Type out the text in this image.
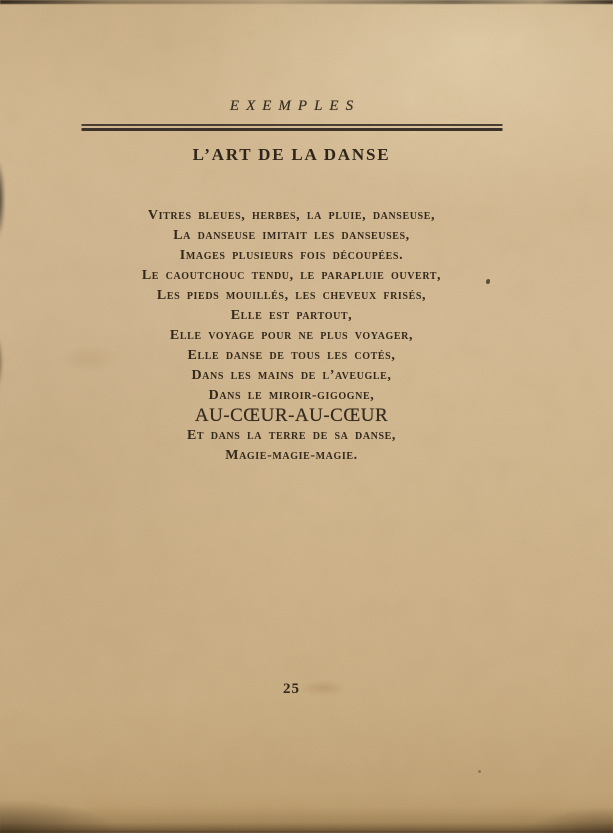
EXEMPLES
L’ART DE LA DANSE
Vitres bleues, herbes, la pluie, danseuse,
La danseuse imitait les danseuses,
Images plusieurs fois découpées.
Le caoutchouc tendu, le parapluie ouvert,
Les pieds mouillés, les cheveux frisés,
Elle est partout,
Elle voyage pour ne plus voyager,
Elle danse de tous les cotés,
Dans les mains de l’aveugle,
Dans le miroir-gigogne,
AU-CŒUR-AU-CŒUR
Et dans la terre de sa danse,
Magie-magie-magie.
25
